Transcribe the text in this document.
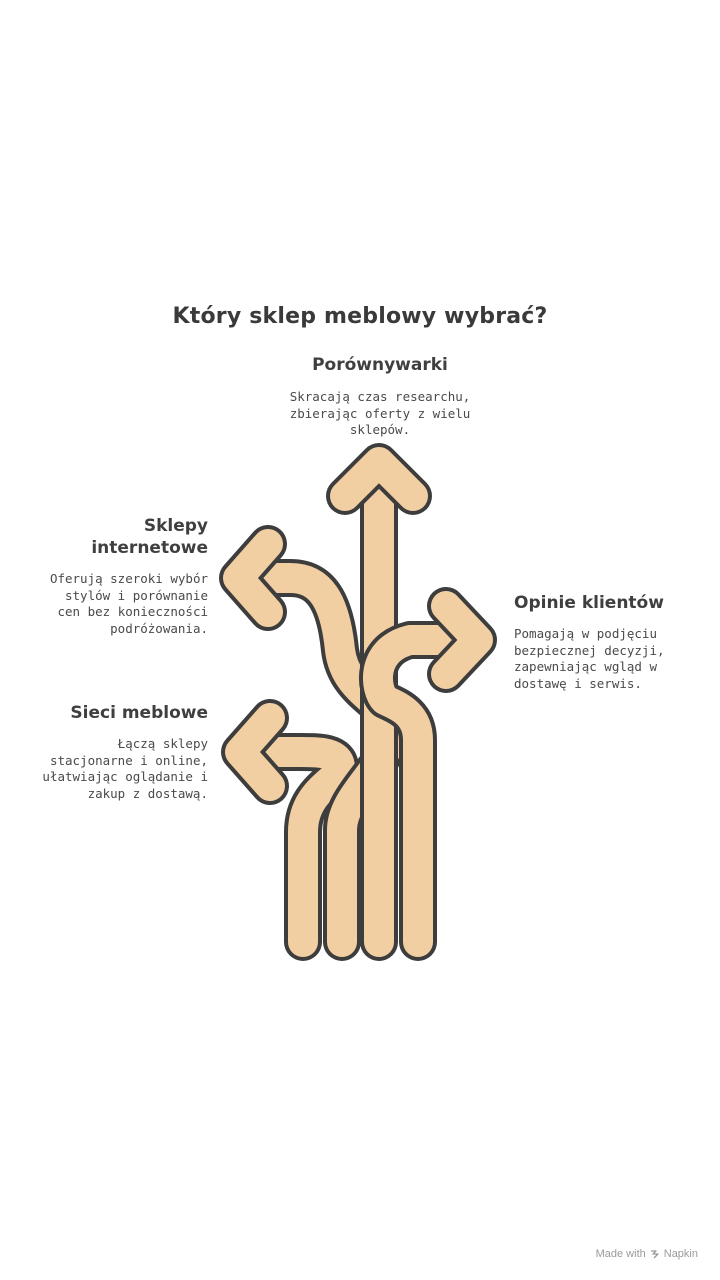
Który sklep meblowy wybrać?
Porównywarki
Skracają czas researchu,
zbierając oferty z wielu
sklepów.
Sklepy
internetowe
Oferują szeroki wybór
stylów i porównanie
cen bez konieczności
podróżowania.
Opinie klientów
Pomagają w podjęciu
bezpiecznej decyzji,
zapewniając wgląd w
dostawę i serwis.
Sieci meblowe
Łączą sklepy
stacjonarne i online,
ułatwiając oglądanie i
zakup z dostawą.
Made with Napkin
